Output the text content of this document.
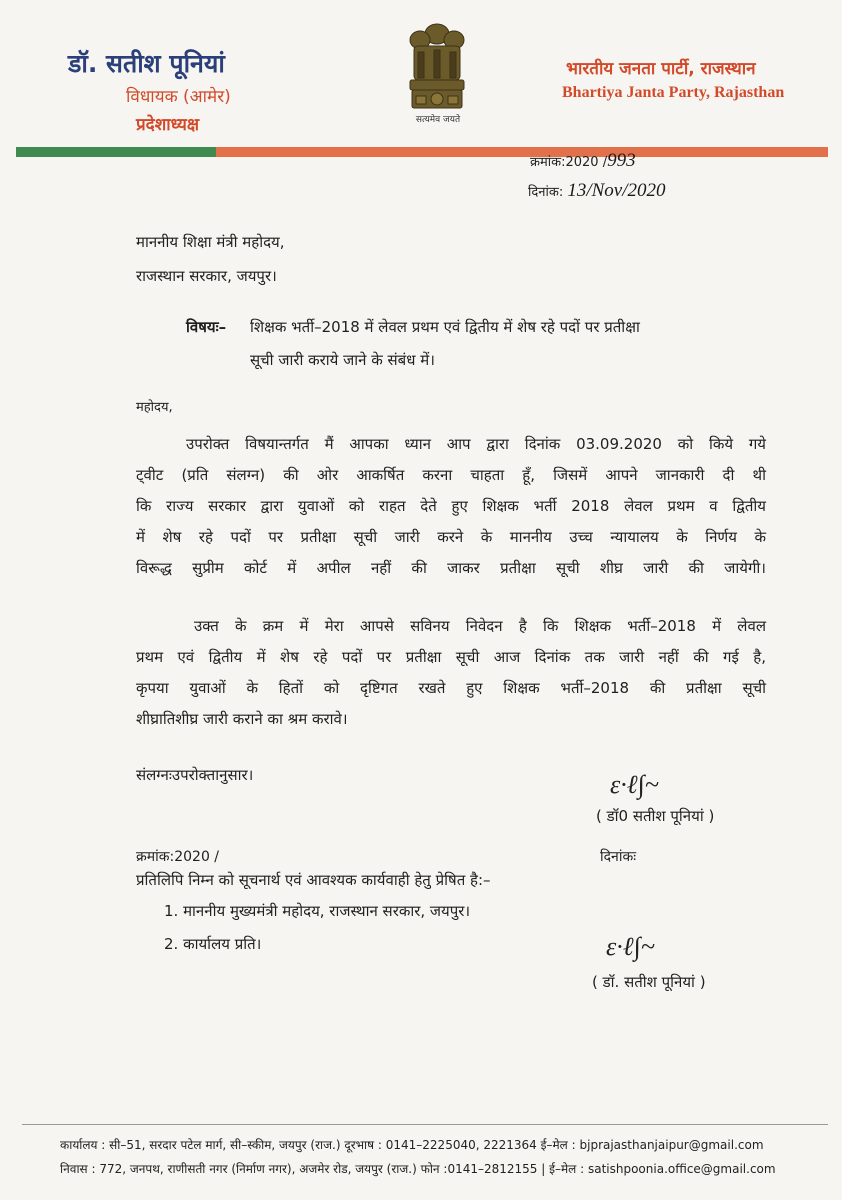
डॉ. सतीश पूनियां
विधायक (आमेर)
प्रदेशाध्यक्ष	सत्यमेव जयते
भारतीय जनता पार्टी, राजस्थान
Bhartiya Janta Party, Rajasthan
क्रमांक:2020 /993
दिनांक: 13/Nov/2020
माननीय शिक्षा मंत्री महोदय,
राजस्थान सरकार, जयपुर।
विषयः– शिक्षक भर्ती–2018 में लेवल प्रथम एवं द्वितीय में शेष रहे पदों पर प्रतीक्षा
सूची जारी कराये जाने के संबंध में।
महोदय,
उपरोक्त विषयान्तर्गत मैं आपका ध्यान आप द्वारा दिनांक 03.09.2020 को किये गये
ट्वीट (प्रति संलग्न) की ओर आकर्षित करना चाहता हूँ, जिसमें आपने जानकारी दी थी
कि राज्य सरकार द्वारा युवाओं को राहत देते हुए शिक्षक भर्ती 2018 लेवल प्रथम व द्वितीय
में शेष रहे पदों पर प्रतीक्षा सूची जारी करने के माननीय उच्च न्यायालय के निर्णय के
विरूद्ध सुप्रीम कोर्ट में अपील नहीं की जाकर प्रतीक्षा सूची शीघ्र जारी की जायेगी।
उक्त के क्रम में मेरा आपसे सविनय निवेदन है कि शिक्षक भर्ती–2018 में लेवल
प्रथम एवं द्वितीय में शेष रहे पदों पर प्रतीक्षा सूची आज दिनांक तक जारी नहीं की गई है,
कृपया युवाओं के हितों को दृष्टिगत रखते हुए शिक्षक भर्ती–2018 की प्रतीक्षा सूची
शीघ्रातिशीघ्र जारी कराने का श्रम करावे।
संलग्नःउपरोक्तानुसार।	ε·ℓ∫~
( डॉ0 सतीश पूनियां )
क्रमांक:2020 /	दिनांकः
प्रतिलिपि निम्न को सूचनार्थ एवं आवश्यक कार्यवाही हेतु प्रेषित है:–
1. माननीय मुख्यमंत्री महोदय, राजस्थान सरकार, जयपुर।
2. कार्यालय प्रति।	ε·ℓ∫~
( डॉ. सतीश पूनियां )
कार्यालय : सी–51, सरदार पटेल मार्ग, सी–स्कीम, जयपुर (राज.) दूरभाष : 0141–2225040, 2221364 ई–मेल : bjprajasthanjaipur@gmail.com
निवास : 772, जनपथ, राणीसती नगर (निर्माण नगर), अजमेर रोड, जयपुर (राज.) फोन :0141–2812155 | ई–मेल : satishpoonia.office@gmail.com
